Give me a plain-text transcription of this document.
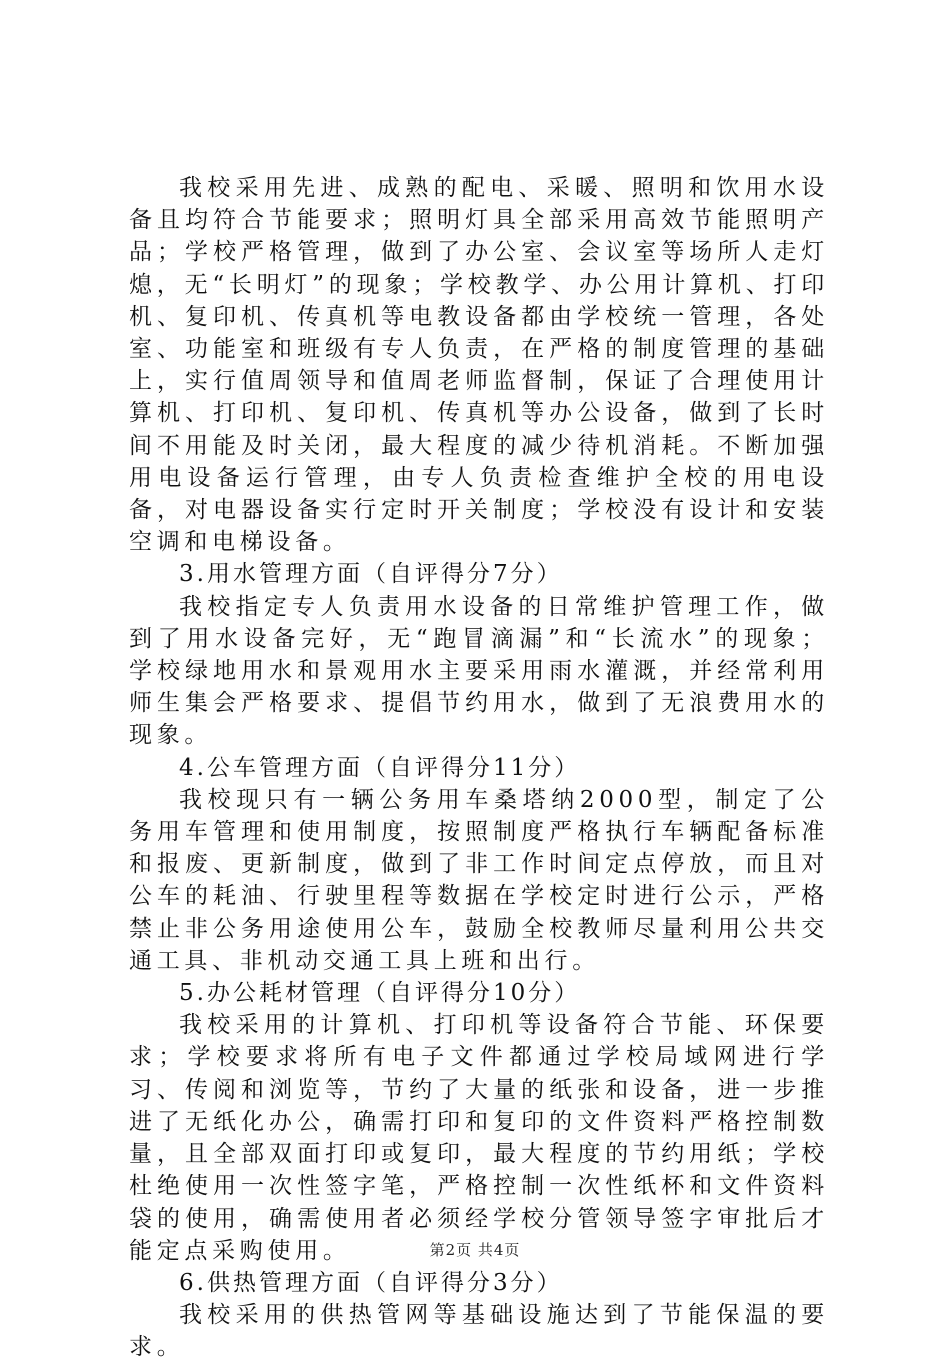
我校采用先进、成熟的配电、采暖、照明和饮用水设备且均符合节能要求；照明灯具全部采用高效节能照明产品；学校严格管理，做到了办公室、会议室等场所人走灯熄，无“长明灯”的现象；学校教学、办公用计算机、打印机、复印机、传真机等电教设备都由学校统一管理，各处室、功能室和班级有专人负责，在严格的制度管理的基础上，实行值周领导和值周老师监督制，保证了合理使用计算机、打印机、复印机、传真机等办公设备，做到了长时间不用能及时关闭，最大程度的减少待机消耗。不断加强用电设备运行管理，由专人负责检查维护全校的用电设备，对电器设备实行定时开关制度；学校没有设计和安装空调和电梯设备。

3.用水管理方面（自评得分7分）

我校指定专人负责用水设备的日常维护管理工作，做到了用水设备完好，无“跑冒滴漏”和“长流水”的现象；学校绿地用水和景观用水主要采用雨水灌溉，并经常利用师生集会严格要求、提倡节约用水，做到了无浪费用水的现象。

4.公车管理方面（自评得分11分）

我校现只有一辆公务用车桑塔纳2000型，制定了公务用车管理和使用制度，按照制度严格执行车辆配备标准和报废、更新制度，做到了非工作时间定点停放，而且对公车的耗油、行驶里程等数据在学校定时进行公示，严格禁止非公务用途使用公车，鼓励全校教师尽量利用公共交通工具、非机动交通工具上班和出行。

5.办公耗材管理（自评得分10分）

我校采用的计算机、打印机等设备符合节能、环保要求；学校要求将所有电子文件都通过学校局域网进行学习、传阅和浏览等，节约了大量的纸张和设备，进一步推进了无纸化办公，确需打印和复印的文件资料严格控制数量，且全部双面打印或复印，最大程度的节约用纸；学校杜绝使用一次性签字笔，严格控制一次性纸杯和文件资料袋的使用，确需使用者必须经学校分管领导签字审批后才能定点采购使用。

6.供热管理方面（自评得分3分）

我校采用的供热管网等基础设施达到了节能保温的要求。

第2页 共4页
